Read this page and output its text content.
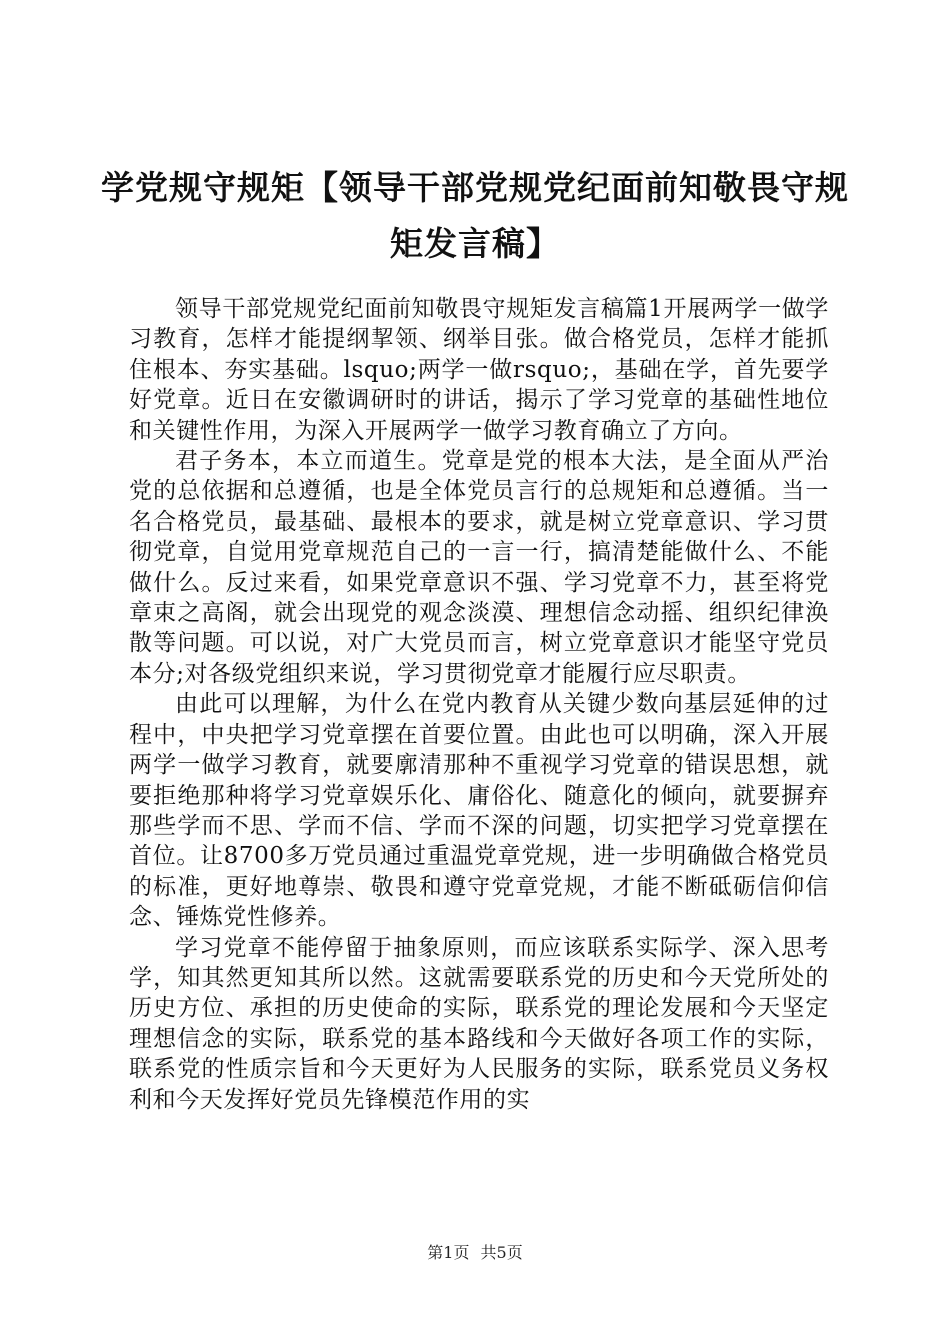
学党规守规矩【领导干部党规党纪面前知敬畏守规矩发言稿】

领导干部党规党纪面前知敬畏守规矩发言稿篇1开展两学一做学习教育，怎样才能提纲挈领、纲举目张。做合格党员，怎样才能抓住根本、夯实基础。lsquo;两学一做rsquo;，基础在学，首先要学好党章。近日在安徽调研时的讲话，揭示了学习党章的基础性地位和关键性作用，为深入开展两学一做学习教育确立了方向。

君子务本，本立而道生。党章是党的根本大法，是全面从严治党的总依据和总遵循，也是全体党员言行的总规矩和总遵循。当一名合格党员，最基础、最根本的要求，就是树立党章意识、学习贯彻党章，自觉用党章规范自己的一言一行，搞清楚能做什么、不能做什么。反过来看，如果党章意识不强、学习党章不力，甚至将党章束之高阁，就会出现党的观念淡漠、理想信念动摇、组织纪律涣散等问题。可以说，对广大党员而言，树立党章意识才能坚守党员本分;对各级党组织来说，学习贯彻党章才能履行应尽职责。

由此可以理解，为什么在党内教育从关键少数向基层延伸的过程中，中央把学习党章摆在首要位置。由此也可以明确，深入开展两学一做学习教育，就要廓清那种不重视学习党章的错误思想，就要拒绝那种将学习党章娱乐化、庸俗化、随意化的倾向，就要摒弃那些学而不思、学而不信、学而不深的问题，切实把学习党章摆在首位。让8700多万党员通过重温党章党规，进一步明确做合格党员的标准，更好地尊崇、敬畏和遵守党章党规，才能不断砥砺信仰信念、锤炼党性修养。

学习党章不能停留于抽象原则，而应该联系实际学、深入思考学，知其然更知其所以然。这就需要联系党的历史和今天党所处的历史方位、承担的历史使命的实际，联系党的理论发展和今天坚定理想信念的实际，联系党的基本路线和今天做好各项工作的实际，联系党的性质宗旨和今天更好为人民服务的实际，联系党员义务权利和今天发挥好党员先锋模范作用的实

第1页 共5页
